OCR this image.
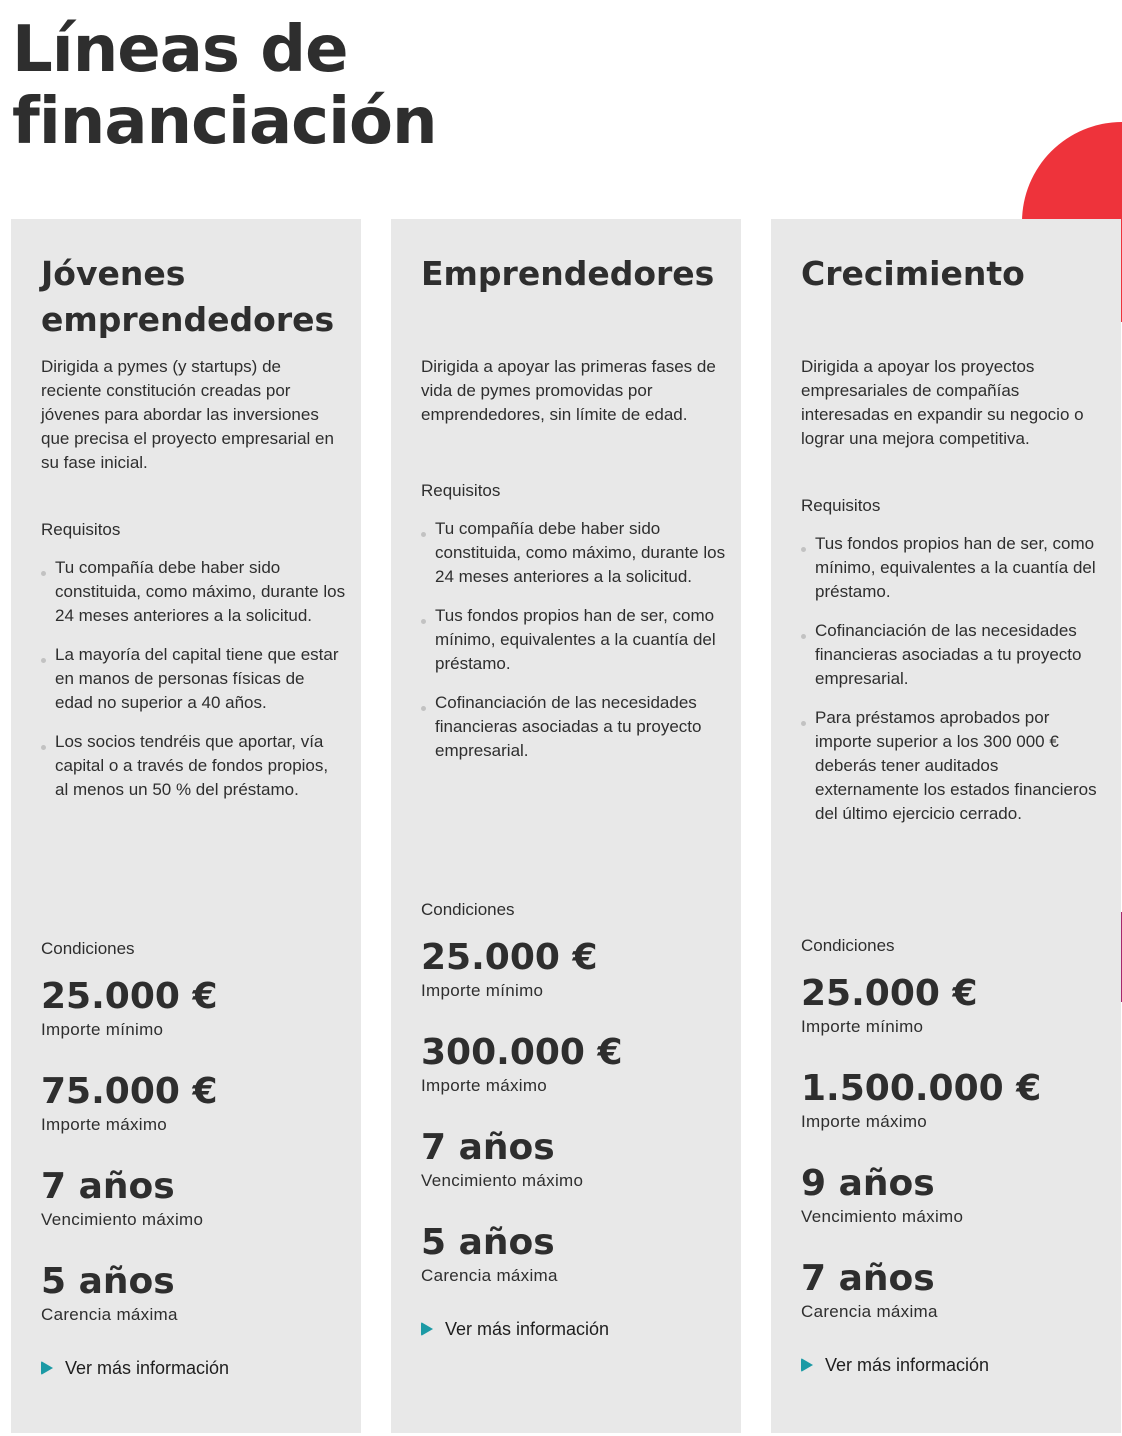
Líneas de
financiación
Jóvenes emprendedores

Dirigida a pymes (y startups) de reciente constitución creadas por jóvenes para abordar las inversiones que precisa el proyecto empresarial en su fase inicial.

Requisitos
Tu compañía debe haber sido constituida, como máximo, durante los 24 meses anteriores a la solicitud.
La mayoría del capital tiene que estar en manos de personas físicas de edad no superior a 40 años.
Los socios tendréis que aportar, vía capital o a través de fondos propios, al menos un 50 % del préstamo.
Condiciones
25.000 €
Importe mínimo
75.000 €
Importe máximo
7 años
Vencimiento máximo
5 años
Carencia máxima
Ver más información
Emprendedores

Dirigida a apoyar las primeras fases de vida de pymes promovidas por emprendedores, sin límite de edad.

Requisitos
Tu compañía debe haber sido constituida, como máximo, durante los 24 meses anteriores a la solicitud.
Tus fondos propios han de ser, como mínimo, equivalentes a la cuantía del préstamo.
Cofinanciación de las necesidades financieras asociadas a tu proyecto empresarial.
Condiciones
25.000 €
Importe mínimo
300.000 €
Importe máximo
7 años
Vencimiento máximo
5 años
Carencia máxima
Ver más información
Crecimiento

Dirigida a apoyar los proyectos empresariales de compañías interesadas en expandir su negocio o lograr una mejora competitiva.

Requisitos
Tus fondos propios han de ser, como mínimo, equivalentes a la cuantía del préstamo.
Cofinanciación de las necesidades financieras asociadas a tu proyecto empresarial.
Para préstamos aprobados por importe superior a los 300 000 € deberás tener auditados externamente los estados financieros del último ejercicio cerrado.
Condiciones
25.000 €
Importe mínimo
1.500.000 €
Importe máximo
9 años
Vencimiento máximo
7 años
Carencia máxima
Ver más información
